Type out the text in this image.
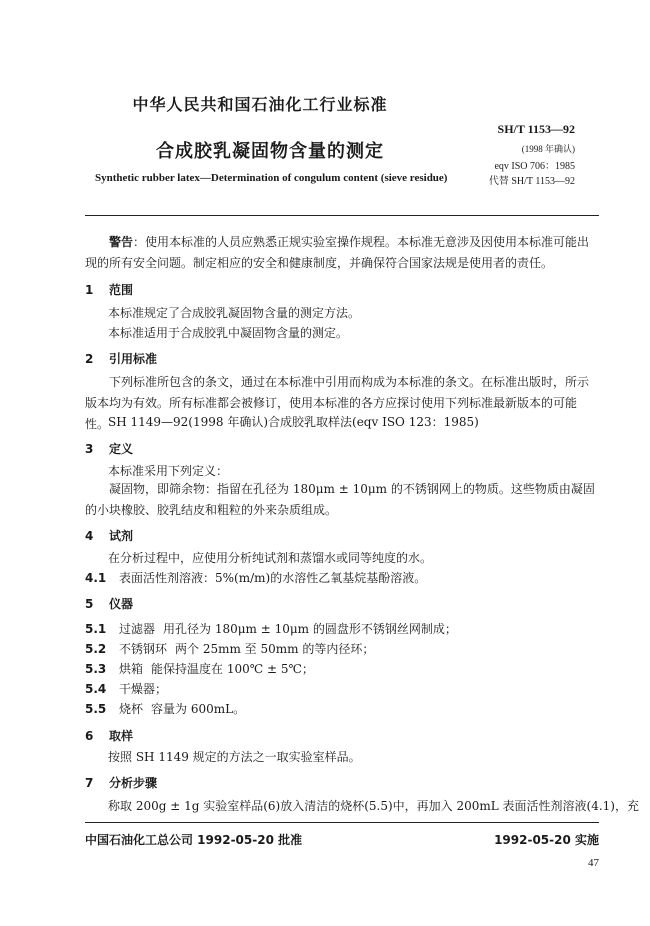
中华人民共和国石油化工行业标准
SH/T 1153—92
合成胶乳凝固物含量的测定	(1998 年确认)
eqv ISO 706：1985
Synthetic rubber latex—Determination of congulum content (sieve residue)	代替 SH/T 1153—92
警告：使用本标准的人员应熟悉正规实验室操作规程。本标准无意涉及因使用本标准可能出现的所有安全问题。制定相应的安全和健康制度，并确保符合国家法规是使用者的责任。
1 范围
本标准规定了合成胶乳凝固物含量的测定方法。
本标准适用于合成胶乳中凝固物含量的测定。
2 引用标准
下列标准所包含的条文，通过在本标准中引用而构成为本标准的条文。在标准出版时，所示版本均为有效。所有标准都会被修订，使用本标准的各方应探讨使用下列标准最新版本的可能性。
SH 1149—92(1998 年确认)合成胶乳取样法(eqv ISO 123：1985)
3 定义
本标准采用下列定义：
凝固物，即筛余物：指留在孔径为 180μm ± 10μm 的不锈钢网上的物质。这些物质由凝固的小块橡胶、胶乳结皮和粗粒的外来杂质组成。
4 试剂
在分析过程中，应使用分析纯试剂和蒸馏水或同等纯度的水。
4.1 表面活性剂溶液：5%(m/m)的水溶性乙氧基烷基酚溶液。
5 仪器
5.1 过滤器 用孔径为 180μm ± 10μm 的圆盘形不锈钢丝网制成；
5.2 不锈钢环 两个 25mm 至 50mm 的等内径环；
5.3 烘箱 能保持温度在 100℃ ± 5℃；
5.4 干燥器；
5.5 烧杯 容量为 600mL。
6 取样
按照 SH 1149 规定的方法之一取实验室样品。
7 分析步骤
称取 200g ± 1g 实验室样品(6)放入清洁的烧杯(5.5)中，再加入 200mL 表面活性剂溶液(4.1)，充
中国石油化工总公司 1992-05-20 批准	1992-05-20 实施
47
